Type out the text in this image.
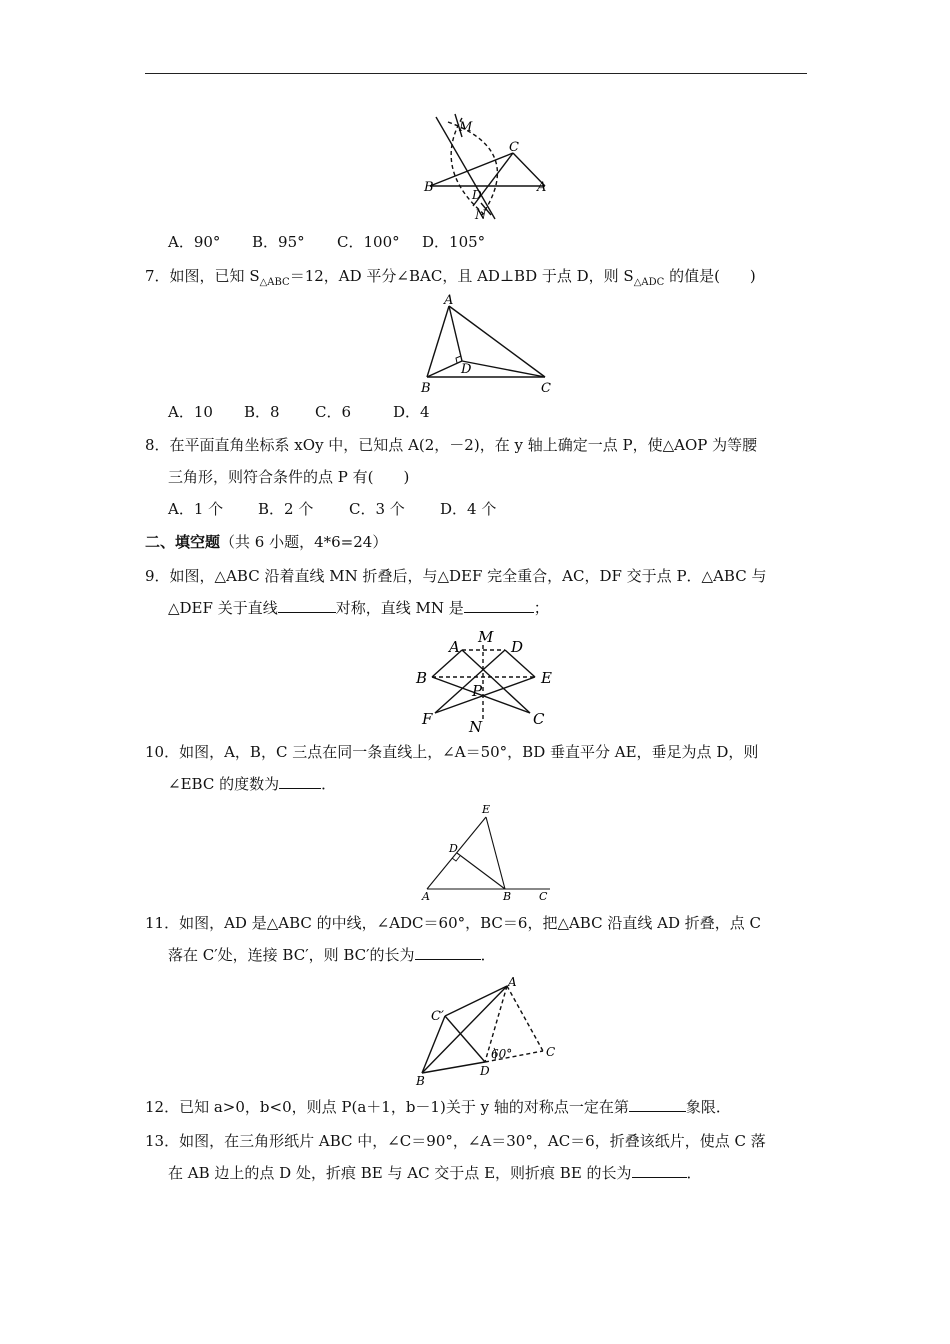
M
C
B	D	A
N
A．90° B．95° C．100° D．105°
7．如图，已知 $S_{\triangle ABC}=12$，AD 平分∠BAC，且 AD⊥BD 于点 D，则 $S_{\triangle ADC}$ 的值是(　　)
A
B
D
C
A．10 B．8 C．6	D．4
8．在平面直角坐标系 xOy 中，已知点 A(2，－2)，在 y 轴上确定一点 P，使△AOP 为等腰
三角形，则符合条件的点 P 有(　　)
A．1 个 B．2 个 C．3 个 D．4 个
二、填空题（共 6 小题，4*6=24）
9．如图，△ABC 沿着直线 MN 折叠后，与△DEF 完全重合，AC，DF 交于点 P．△ABC 与
△DEF 关于直线	对称，直线 MN 是	；
A
M
D
B	E
P
F N	C
10．如图，A，B，C 三点在同一条直线上，∠A＝50°，BD 垂直平分 AE，垂足为点 D，则
∠EBC 的度数为	．
E
D
A	B	C
11．如图，AD 是△ABC 的中线，∠ADC＝60°，BC＝6，把△ABC 沿直线 AD 折叠，点 C
落在 C′处，连接 BC′，则 BC′的长为	．
A
C′
60°	C
B
D
12．已知 a>0，b<0，则点 P(a＋1，b－1)关于 y 轴的对称点一定在第	象限．
13．如图，在三角形纸片 ABC 中，∠C＝90°，∠A＝30°，AC＝6，折叠该纸片，使点 C 落
在 AB 边上的点 D 处，折痕 BE 与 AC 交于点 E，则折痕 BE 的长为	．
